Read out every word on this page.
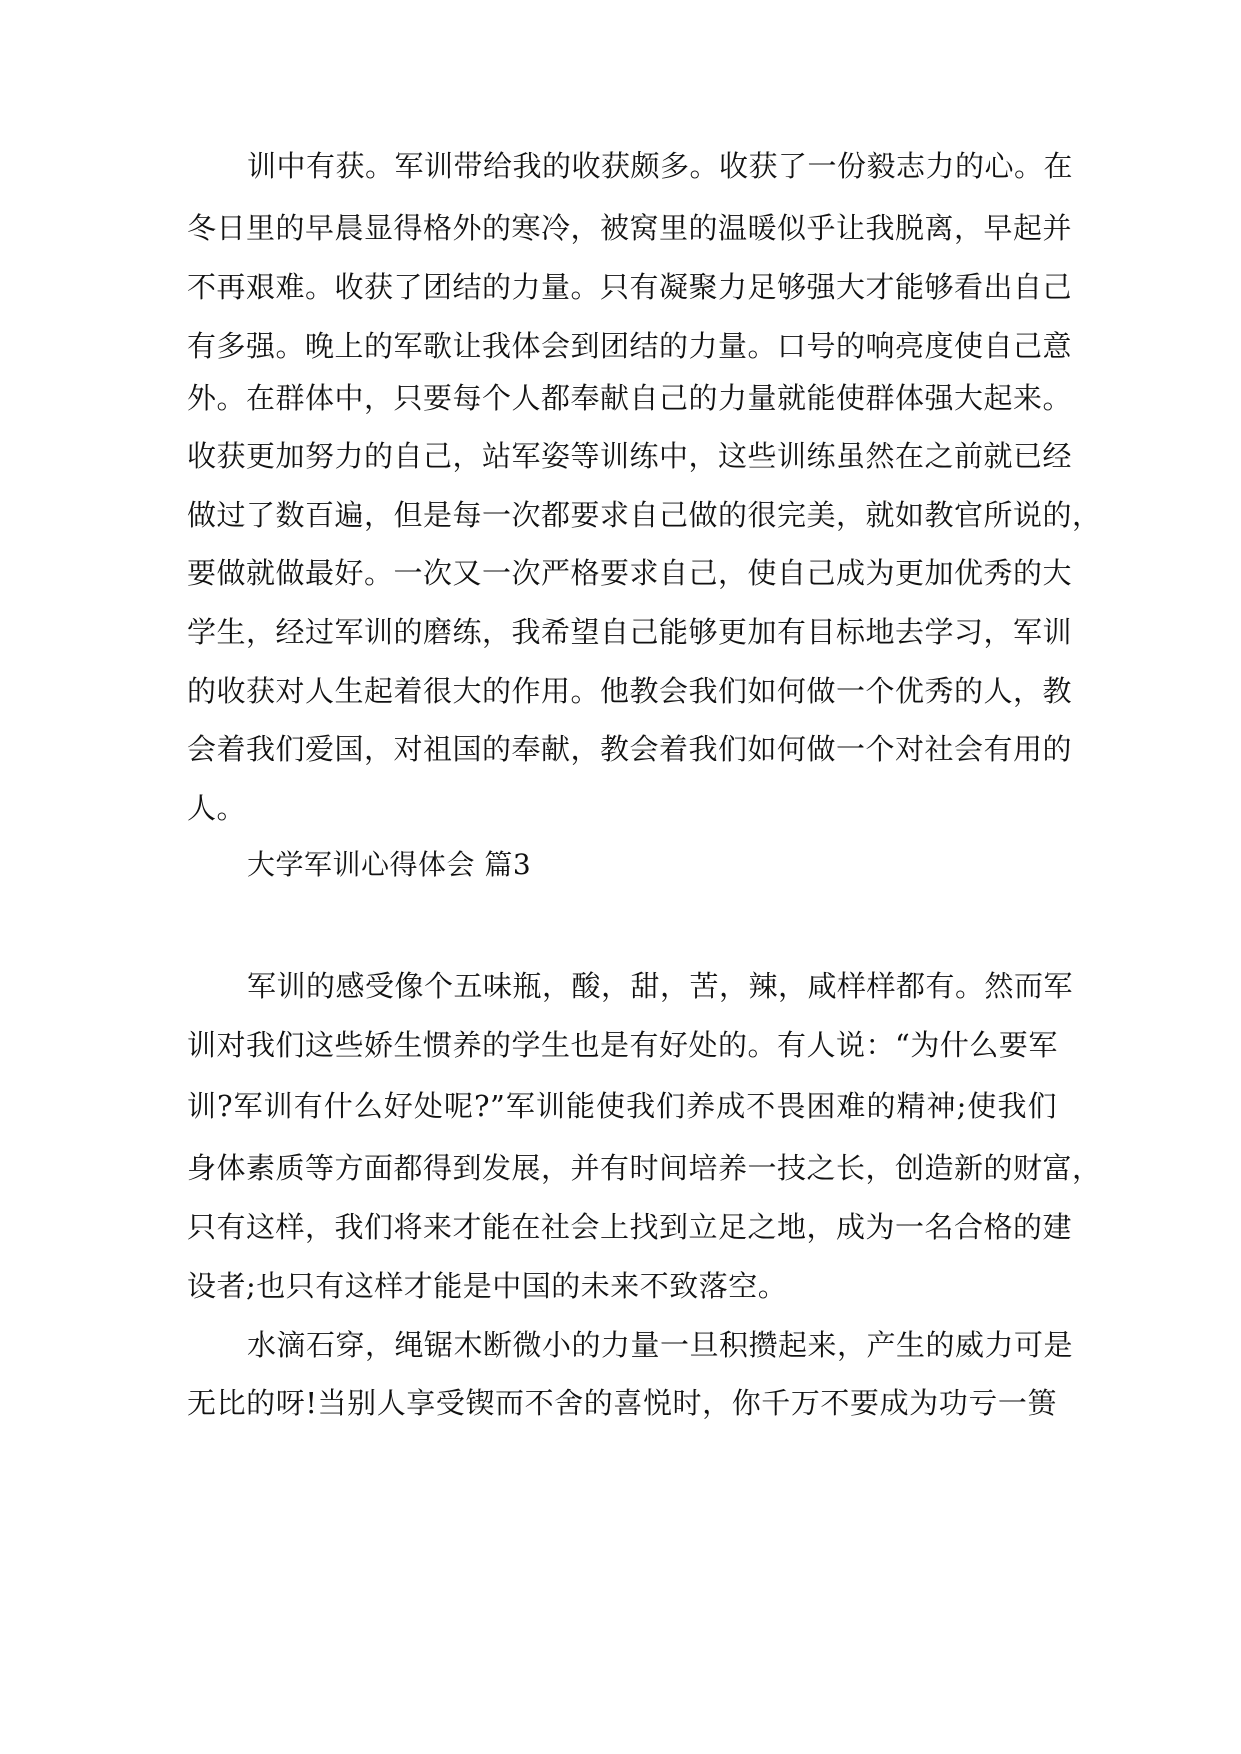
训中有获。军训带给我的收获颇多。收获了一份毅志力的心。在
冬日里的早晨显得格外的寒冷，被窝里的温暖似乎让我脱离，早起并
不再艰难。收获了团结的力量。只有凝聚力足够强大才能够看出自己
有多强。晚上的军歌让我体会到团结的力量。口号的响亮度使自己意
外。在群体中，只要每个人都奉献自己的力量就能使群体强大起来。
收获更加努力的自己，站军姿等训练中，这些训练虽然在之前就已经
做过了数百遍，但是每一次都要求自己做的很完美，就如教官所说的，
要做就做最好。一次又一次严格要求自己，使自己成为更加优秀的大
学生，经过军训的磨练，我希望自己能够更加有目标地去学习，军训
的收获对人生起着很大的作用。他教会我们如何做一个优秀的人，教
会着我们爱国，对祖国的奉献，教会着我们如何做一个对社会有用的
人。
大学军训心得体会 篇3
军训的感受像个五味瓶，酸，甜，苦，辣，咸样样都有。然而军
训对我们这些娇生惯养的学生也是有好处的。有人说：“为什么要军
训?军训有什么好处呢?”军训能使我们养成不畏困难的精神;使我们
身体素质等方面都得到发展，并有时间培养一技之长，创造新的财富，
只有这样，我们将来才能在社会上找到立足之地，成为一名合格的建
设者;也只有这样才能是中国的未来不致落空。
水滴石穿，绳锯木断微小的力量一旦积攒起来，产生的威力可是
无比的呀!当别人享受锲而不舍的喜悦时，你千万不要成为功亏一篑
